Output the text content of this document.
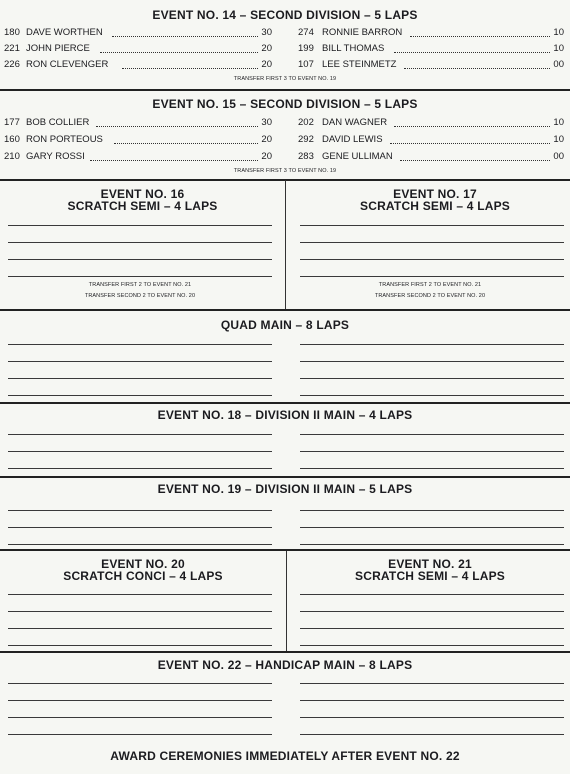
EVENT NO. 14 – SECOND DIVISION – 5 LAPS
180 DAVE WORTHEN	30
221 JOHN PIERCE	20
226 RON CLEVENGER	20
274 RONNIE BARRON	10
199 BILL THOMAS	10
107 LEE STEINMETZ	00
TRANSFER FIRST 3 TO EVENT NO. 19
EVENT NO. 15 – SECOND DIVISION – 5 LAPS
177 BOB COLLIER	30
160 RON PORTEOUS	20
210 GARY ROSSI	20
202 DAN WAGNER	10
292 DAVID LEWIS	10
283 GENE ULLIMAN	00
TRANSFER FIRST 3 TO EVENT NO. 19
EVENT NO. 16
SCRATCH SEMI – 4 LAPS
TRANSFER FIRST 2 TO EVENT NO. 21
TRANSFER SECOND 2 TO EVENT NO. 20
EVENT NO. 17
SCRATCH SEMI – 4 LAPS
TRANSFER FIRST 2 TO EVENT NO. 21
TRANSFER SECOND 2 TO EVENT NO. 20
QUAD MAIN – 8 LAPS
EVENT NO. 18 – DIVISION II MAIN – 4 LAPS
EVENT NO. 19 – DIVISION II MAIN – 5 LAPS
EVENT NO. 20
SCRATCH CONCI – 4 LAPS
EVENT NO. 21
SCRATCH SEMI – 4 LAPS
EVENT NO. 22 – HANDICAP MAIN – 8 LAPS
AWARD CEREMONIES IMMEDIATELY AFTER EVENT NO. 22
